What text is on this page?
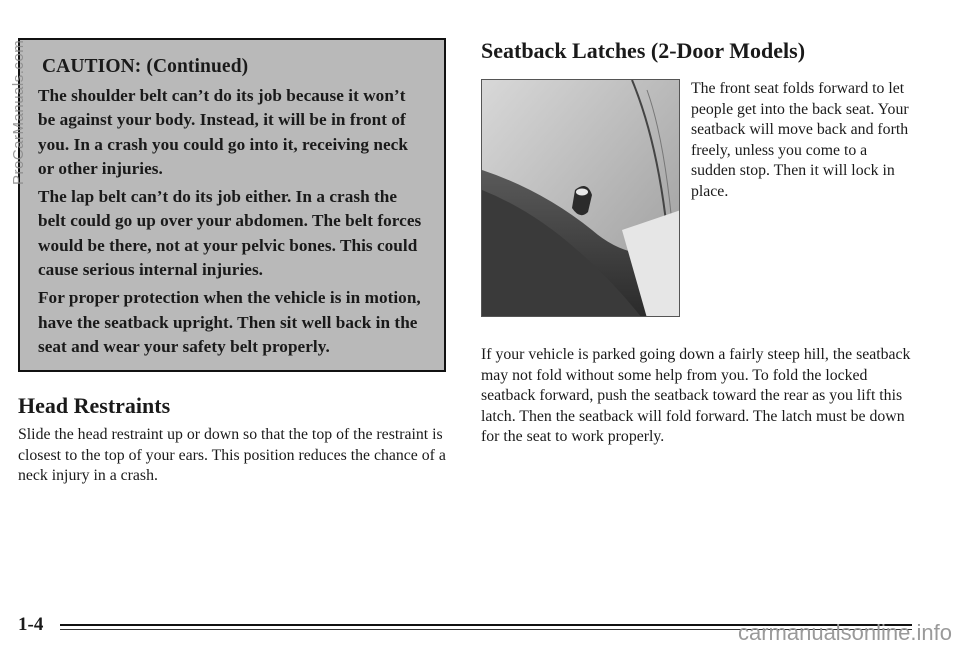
CAUTION: (Continued)

The shoulder belt can’t do its job because it won’t be against your body. Instead, it will be in front of you. In a crash you could go into it, receiving neck or other injuries.

The lap belt can’t do its job either. In a crash the belt could go up over your abdomen. The belt forces would be there, not at your pelvic bones. This could cause serious internal injuries.

For proper protection when the vehicle is in motion, have the seatback upright. Then sit well back in the seat and wear your safety belt properly.

ProCarManuals.com
Head Restraints

Slide the head restraint up or down so that the top of the restraint is closest to the top of your ears. This position reduces the chance of a neck injury in a crash.

Seatback Latches (2-Door Models)

The front seat folds forward to let people get into the back seat. Your seatback will move back and forth freely, unless you come to a sudden stop. Then it will lock in place.

If your vehicle is parked going down a fairly steep hill, the seatback may not fold without some help from you. To fold the locked seatback forward, push the seatback toward the rear as you lift this latch. Then the seatback will fold forward. The latch must be down for the seat to work properly.

1-4	carmanualsonline.info
